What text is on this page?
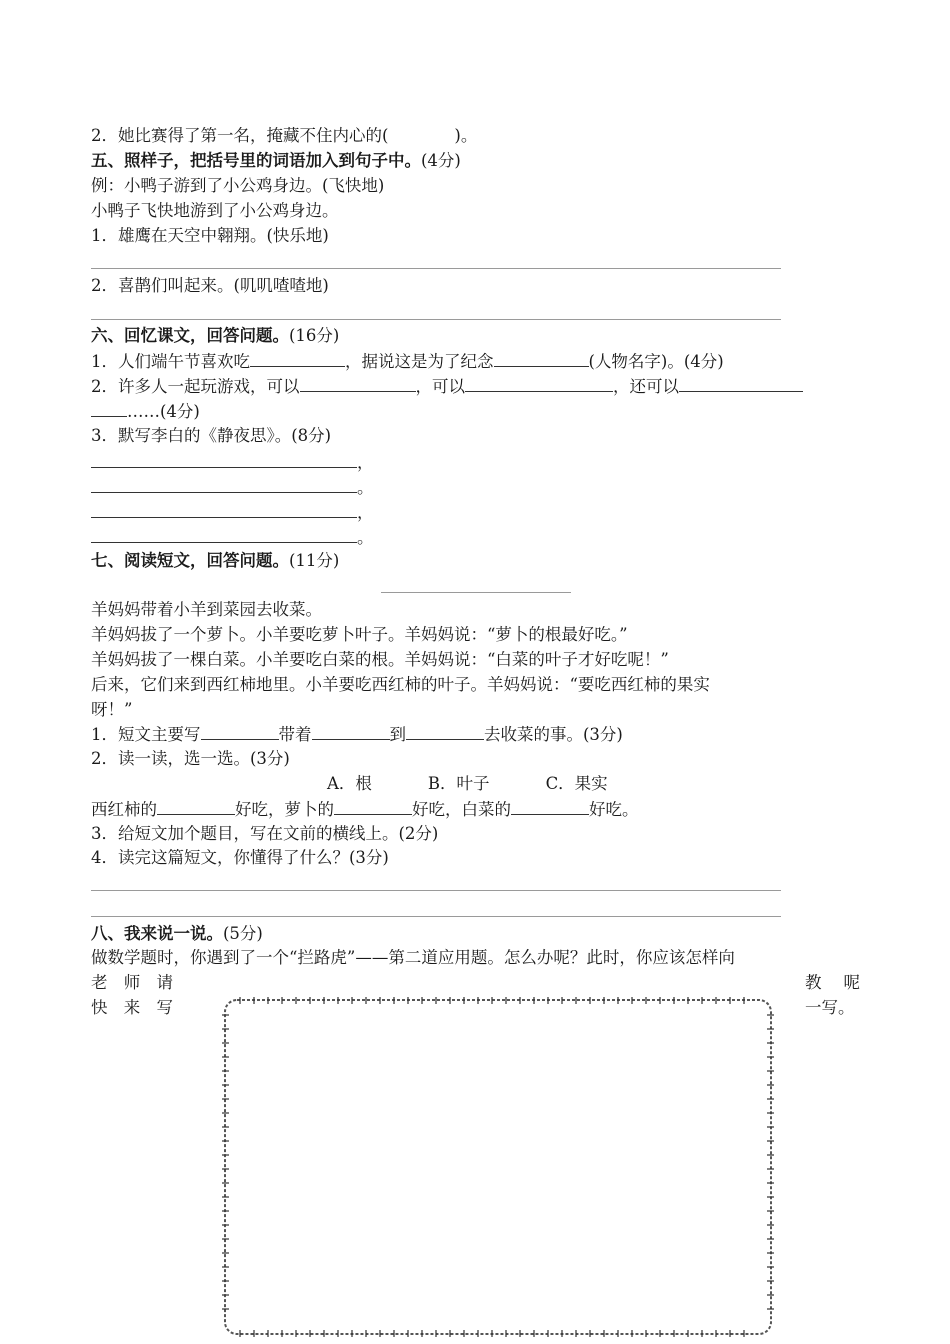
2．她比赛得了第一名，掩藏不住内心的(　　　　)。
五、照样子，把括号里的词语加入到句子中。(4分)
例：小鸭子游到了小公鸡身边。(飞快地)
小鸭子飞快地游到了小公鸡身边。
1．雄鹰在天空中翱翔。(快乐地)
2．喜鹊们叫起来。(叽叽喳喳地)
六、回忆课文，回答问题。(16分)
1．人们端午节喜欢吃	，据说这是为了纪念	(人物名字)。(4分)
2．许多人一起玩游戏，可以	，可以	，还可以
……(4分)
3．默写李白的《静夜思》。(8分)
，
。
，
。
七、阅读短文，回答问题。(11分)
羊妈妈带着小羊到菜园去收菜。
羊妈妈拔了一个萝卜。小羊要吃萝卜叶子。羊妈妈说：“萝卜的根最好吃。”
羊妈妈拔了一棵白菜。小羊要吃白菜的根。羊妈妈说：“白菜的叶子才好吃呢！”
后来，它们来到西红柿地里。小羊要吃西红柿的叶子。羊妈妈说：“要吃西红柿的果实
呀！”
1．短文主要写	带着	到	去收菜的事。(3分)
2．读一读，选一选。(3分)
A．根	B．叶子	C．果实
西红柿的	好吃，萝卜的	好吃，白菜的	好吃。
3．给短文加个题目，写在文前的横线上。(2分)
4．读完这篇短文，你懂得了什么？(3分)
八、我来说一说。(5分)
做数学题时，你遇到了一个“拦路虎”——第二道应用题。怎么办呢？此时，你应该怎样向
老 师 请	教 呢
快 来 写	一写。
